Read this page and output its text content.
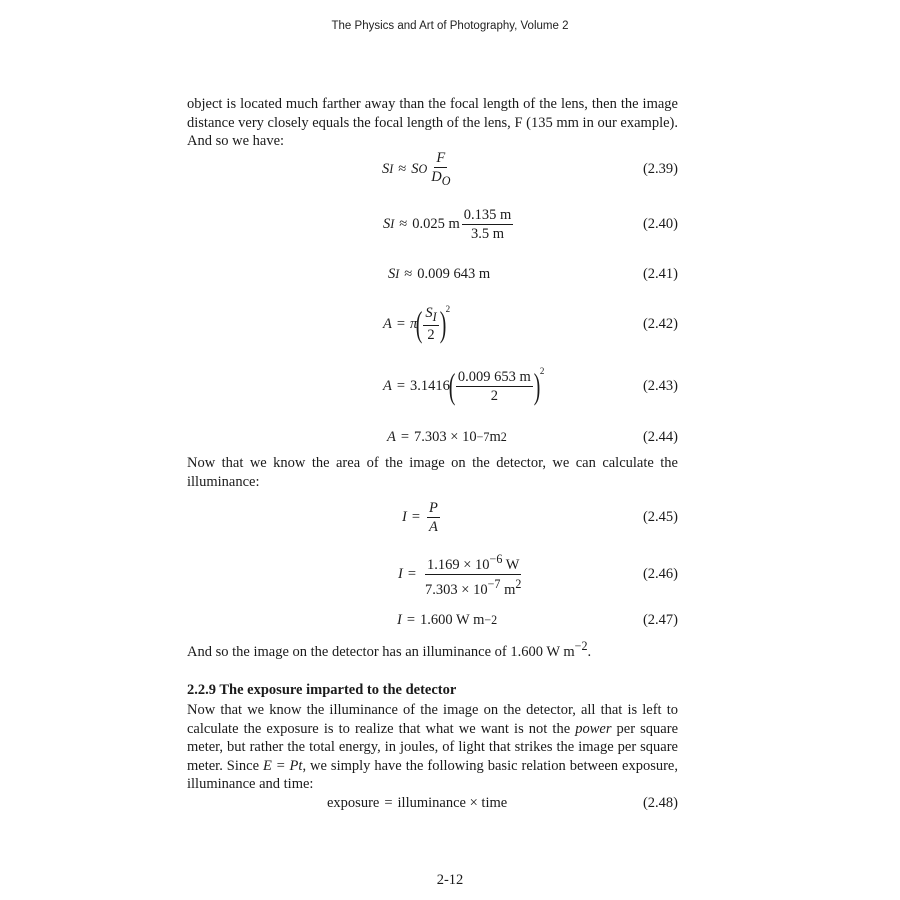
The Physics and Art of Photography, Volume 2
object is located much farther away than the focal length of the lens, then the image distance very closely equals the focal length of the lens, F (135 mm in our example). And so we have:
S I ≈ S O $\frac{F}{D_O}$	(2.39)
S I ≈ 0.025 m $\frac{0.135 m}{3.5 m}$	(2.40)
S I ≈ 0.009 643 m	(2.41)
A = π
( $\frac{S_I}{2}$ ) 2
(2.42)
A = 3.1416
( $\frac{0.009 653 m}{2}$ ) 2
(2.43)
A = 7.303 × 10 −7 m 2	(2.44)
Now that we know the area of the image on the detector, we can calculate the illuminance:
$I = \frac{P}{A}$	(2.45)
$I = \frac{1.169 \times 10^{-6} W}{7.303 \times 10^{-7} m^2}$	(2.46)
I = 1.600 W m −2	(2.47)
And so the image on the detector has an illuminance of 1.600 W $m^{-2}$.
2.2.9 The exposure imparted to the detector
Now that we know the illuminance of the image on the detector, all that is left to calculate the exposure is to realize that what we want is not the power per square meter, but rather the total energy, in joules, of light that strikes the image per square meter. Since E = Pt, we simply have the following basic relation between exposure, illuminance and time:
exposure = illuminance × time	(2.48)
2-12
